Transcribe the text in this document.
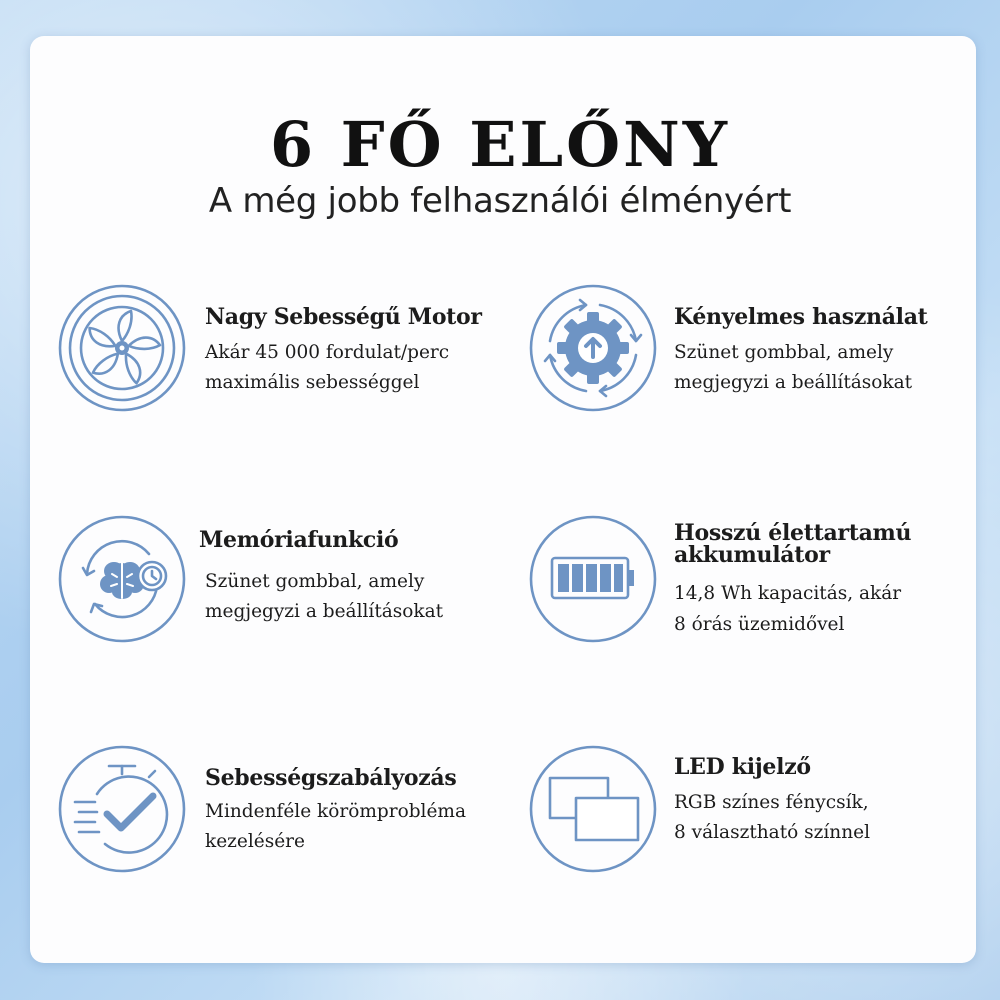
6 FŐ ELŐNY
A még jobb felhasználói élményért
Nagy Sebességű Motor
Akár 45 000 fordulat/perc
maximális sebességgel
Kényelmes használat
Szünet gombbal, amely
megjegyzi a beállításokat
Memóriafunkció
Szünet gombbal, amely
megjegyzi a beállításokat
Hosszú élettartamú akkumulátor
14,8 Wh kapacitás, akár
8 órás üzemidővel
Sebességszabályozás
Mindenféle körömprobléma
kezelésére
LED kijelző
RGB színes fénycsík,
8 választható színnel
